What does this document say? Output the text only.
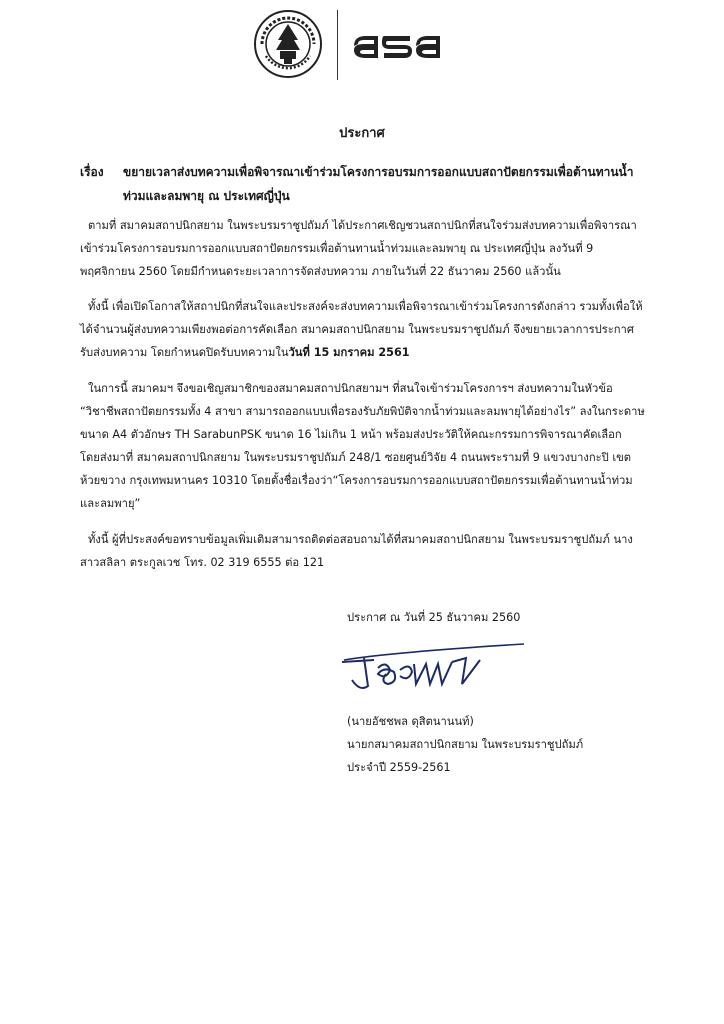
ประกาศ
เรื่อง ขยายเวลาส่งบทความเพื่อพิจารณาเข้าร่วมโครงการอบรมการออกแบบสถาปัตยกรรมเพื่อต้านทานน้ำท่วมและลมพายุ ณ ประเทศญี่ปุ่น
ตามที่ สมาคมสถาปนิกสยาม ในพระบรมราชูปถัมภ์ ได้ประกาศเชิญชวนสถาปนิกที่สนใจร่วมส่งบทความเพื่อพิจารณาเข้าร่วมโครงการอบรมการออกแบบสถาปัตยกรรมเพื่อต้านทานน้ำท่วมและลมพายุ ณ ประเทศญี่ปุ่น ลงวันที่ 9 พฤศจิกายน 2560 โดยมีกำหนดระยะเวลาการจัดส่งบทความ ภายในวันที่ 22 ธันวาคม 2560 แล้วนั้น
ทั้งนี้ เพื่อเปิดโอกาสให้สถาปนิกที่สนใจและประสงค์จะส่งบทความเพื่อพิจารณาเข้าร่วมโครงการดังกล่าว รวมทั้งเพื่อให้ได้จำนวนผู้ส่งบทความเพียงพอต่อการคัดเลือก สมาคมสถาปนิกสยาม ในพระบรมราชูปถัมภ์ จึงขยายเวลาการประกาศรับส่งบทความ โดยกำหนดปิดรับบทความในวันที่ 15 มกราคม 2561
ในการนี้ สมาคมฯ จึงขอเชิญสมาชิกของสมาคมสถาปนิกสยามฯ ที่สนใจเข้าร่วมโครงการฯ ส่งบทความในหัวข้อ “วิชาชีพสถาปัตยกรรมทั้ง 4 สาขา สามารถออกแบบเพื่อรองรับภัยพิบัติจากน้ำท่วมและลมพายุได้อย่างไร” ลงในกระดาษขนาด A4 ตัวอักษร TH SarabunPSK ขนาด 16 ไม่เกิน 1 หน้า พร้อมส่งประวัติให้คณะกรรมการพิจารณาคัดเลือก โดยส่งมาที่ สมาคมสถาปนิกสยาม ในพระบรมราชูปถัมภ์ 248/1 ซอยศูนย์วิจัย 4 ถนนพระรามที่ 9 แขวงบางกะปิ เขตห้วยขวาง กรุงเทพมหานคร 10310 โดยตั้งชื่อเรื่องว่า“โครงการอบรมการออกแบบสถาปัตยกรรมเพื่อต้านทานน้ำท่วมและลมพายุ”
ทั้งนี้ ผู้ที่ประสงค์ขอทราบข้อมูลเพิ่มเติมสามารถติดต่อสอบถามได้ที่สมาคมสถาปนิกสยาม ในพระบรมราชูปถัมภ์ นางสาวสลิลา ตระกูลเวช โทร. 02 319 6555 ต่อ 121
ประกาศ ณ วันที่ 25 ธันวาคม 2560
(นายอัชชพล ดุสิตนานนท์)
นายกสมาคมสถาปนิกสยาม ในพระบรมราชูปถัมภ์
ประจำปี 2559-2561
